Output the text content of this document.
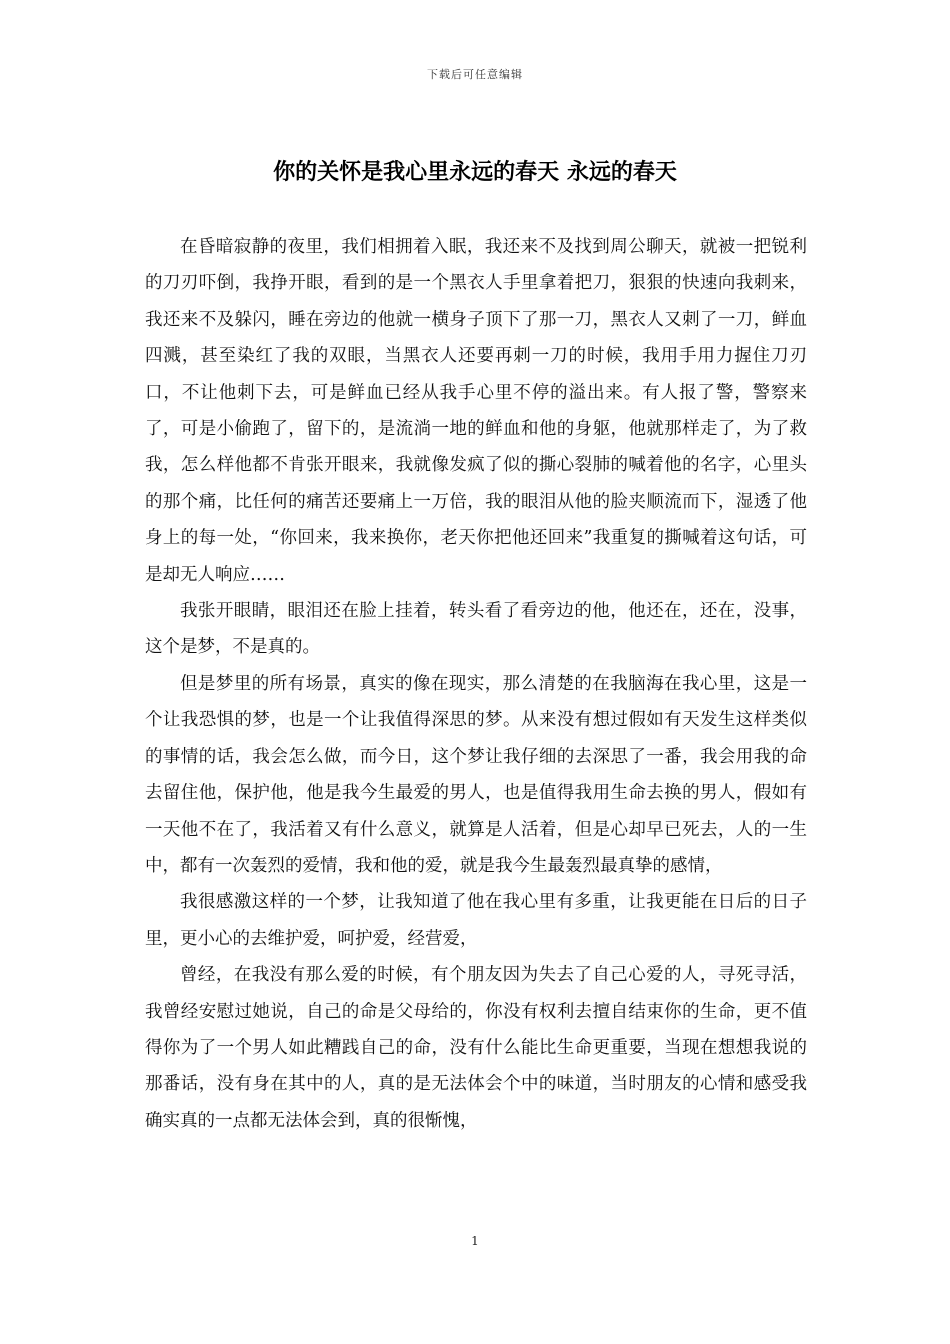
下载后可任意编辑
你的关怀是我心里永远的春天 永远的春天

在昏暗寂静的夜里，我们相拥着入眠，我还来不及找到周公聊天，就被一把锐利的刀刃吓倒，我挣开眼，看到的是一个黑衣人手里拿着把刀，狠狠的快速向我刺来，我还来不及躲闪，睡在旁边的他就一横身子顶下了那一刀，黑衣人又刺了一刀，鲜血四溅，甚至染红了我的双眼，当黑衣人还要再刺一刀的时候，我用手用力握住刀刃口，不让他刺下去，可是鲜血已经从我手心里不停的溢出来。有人报了警，警察来了，可是小偷跑了，留下的，是流淌一地的鲜血和他的身躯，他就那样走了，为了救我，怎么样他都不肯张开眼来，我就像发疯了似的撕心裂肺的喊着他的名字，心里头的那个痛，比任何的痛苦还要痛上一万倍，我的眼泪从他的脸夹顺流而下，湿透了他身上的每一处，“你回来，我来换你，老天你把他还回来”我重复的撕喊着这句话，可是却无人响应……

我张开眼睛，眼泪还在脸上挂着，转头看了看旁边的他，他还在，还在，没事，这个是梦，不是真的。

但是梦里的所有场景，真实的像在现实，那么清楚的在我脑海在我心里，这是一个让我恐惧的梦，也是一个让我值得深思的梦。从来没有想过假如有天发生这样类似的事情的话，我会怎么做，而今日，这个梦让我仔细的去深思了一番，我会用我的命去留住他，保护他，他是我今生最爱的男人，也是值得我用生命去换的男人，假如有一天他不在了，我活着又有什么意义，就算是人活着，但是心却早已死去，人的一生中，都有一次轰烈的爱情，我和他的爱，就是我今生最轰烈最真挚的感情，

我很感激这样的一个梦，让我知道了他在我心里有多重，让我更能在日后的日子里，更小心的去维护爱，呵护爱，经营爱，

曾经，在我没有那么爱的时候，有个朋友因为失去了自己心爱的人，寻死寻活，我曾经安慰过她说，自己的命是父母给的，你没有权利去擅自结束你的生命，更不值得你为了一个男人如此糟践自己的命，没有什么能比生命更重要，当现在想想我说的那番话，没有身在其中的人，真的是无法体会个中的味道，当时朋友的心情和感受我确实真的一点都无法体会到，真的很惭愧，

1
